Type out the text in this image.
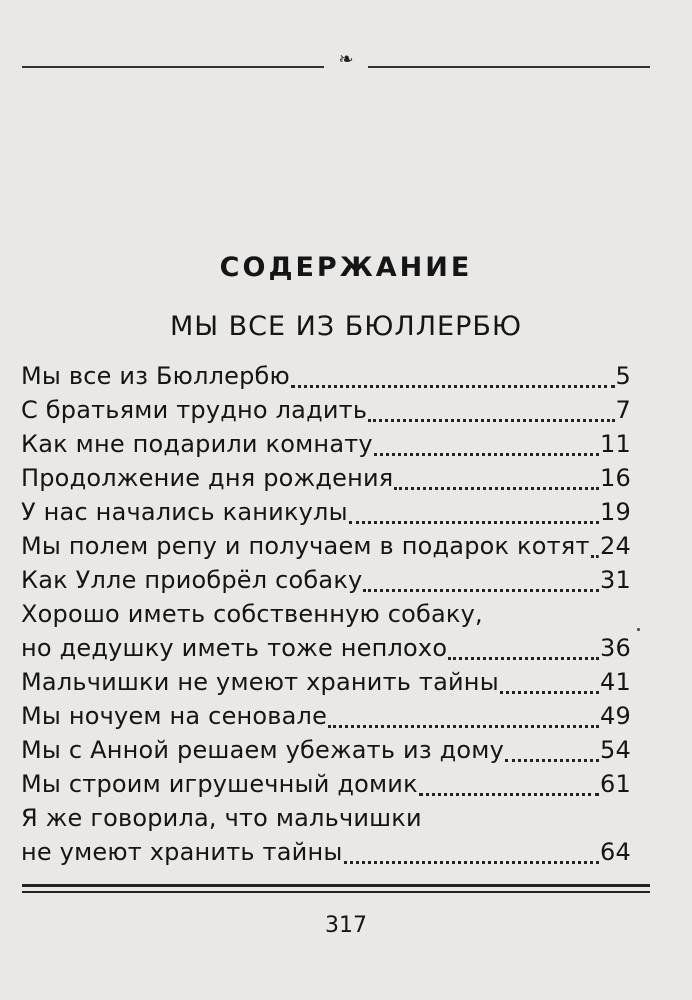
❧
СОДЕРЖАНИЕ
МЫ ВСЕ ИЗ БЮЛЛЕРБЮ
Мы все из Бюллербю	5
С братьями трудно ладить	7
Как мне подарили комнату	11
Продолжение дня рождения	16
У нас начались каникулы	19
Мы полем репу и получаем в подарок котят 24
Как Улле приобрёл собаку	31
Хорошо иметь собственную собаку,
но дедушку иметь тоже неплохо	36
Мальчишки не умеют хранить тайны	41
Мы ночуем на сеновале	49
Мы с Анной решаем убежать из дому	54
Мы строим игрушечный домик	61
Я же говорила, что мальчишки
не умеют хранить тайны	64
317
